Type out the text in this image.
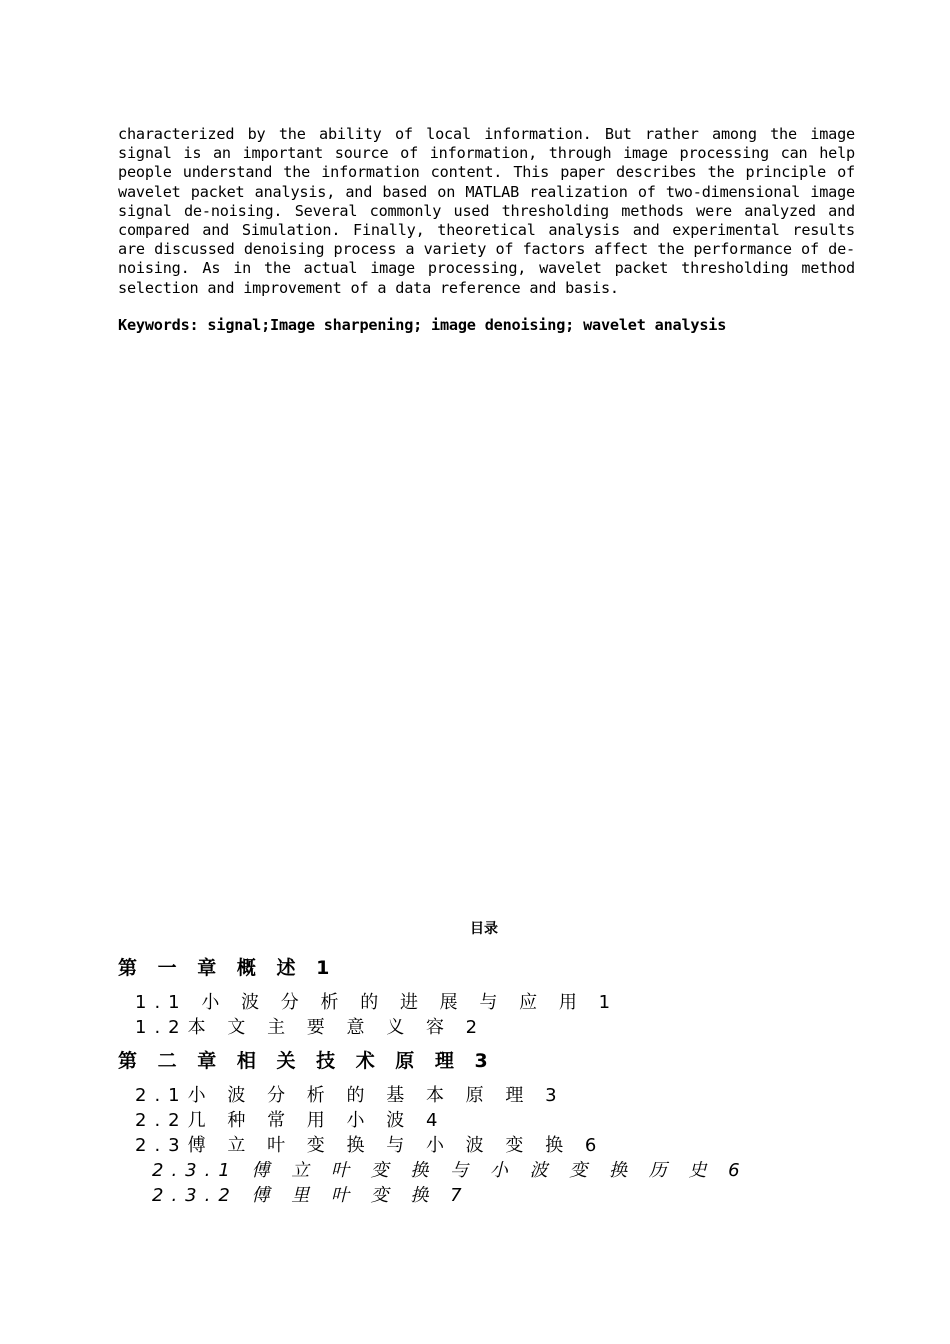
characterized by the ability of local information. But rather among the image signal is an important source of information, through image processing can help people understand the information content. This paper describes the principle of wavelet packet analysis, and based on MATLAB realization of two-dimensional image signal de-noising. Several commonly used thresholding methods were analyzed and compared and Simulation. Finally, theoretical analysis and experimental results are discussed denoising process a variety of factors affect the performance of de-noising. As in the actual image processing, wavelet packet thresholding method selection and improvement of a data reference and basis.
Keywords: signal;Image sharpening; image denoising; wavelet analysis
目录
第 一 章 概 述 1
1.1 小 波 分 析 的 进 展 与 应 用 1
1.2本 文 主 要 意 义 容 2
第 二 章 相 关 技 术 原 理 3
2.1小 波 分 析 的 基 本 原 理 3
2.2几 种 常 用 小 波 4
2.3傅 立 叶 变 换 与 小 波 变 换 6
2.3.1 傅 立 叶 变 换 与 小 波 变 换 历 史 6
2.3.2 傅 里 叶 变 换 7
